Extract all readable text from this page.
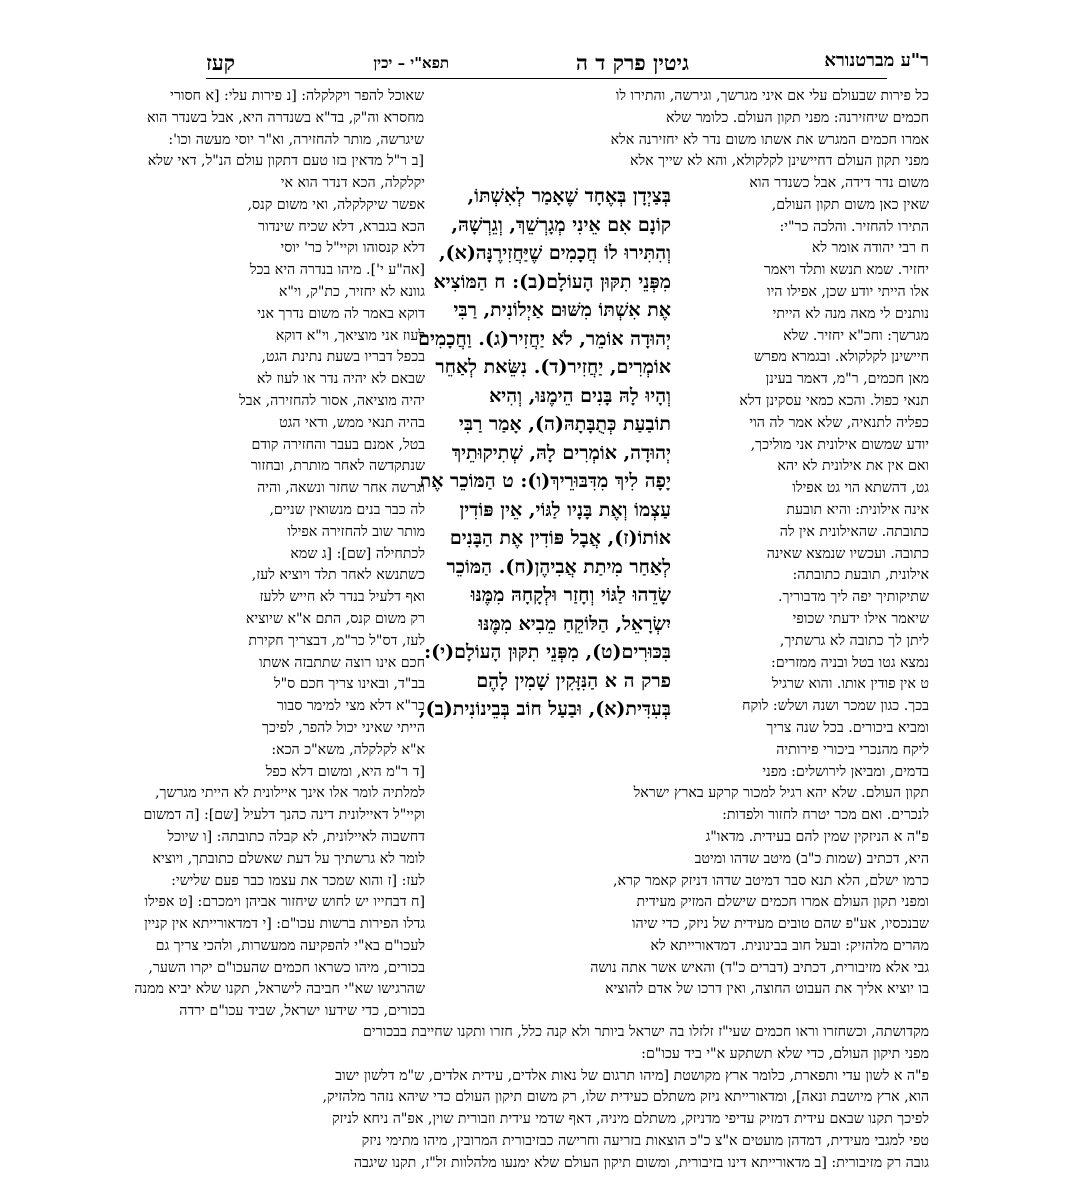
ר"ע מברטנורא
גיטין פרק ד ה
תפא"י – יכין
קעז
כל פירות שבעולם עלי אם איני מגרשך, וגירשה, והתירו לו
חכמים שיחזירנה: מפני תקון העולם. כלומר שלא
אמרו חכמים המגרש את אשתו משום נדר לא יחזירנה אלא
מפני תקון העולם דחיישינן לקלקולא, והא לא שייך אלא
שאוכל להפר ויקלקלה: [נ פירות עלי: [א חסורי
מחסרא וה"ק, בד"א בשנדרה היא, אבל בשנדר הוא
שיגרשה, מותר להחזירה, וא"ר יוסי מעשה וכו':
[ב ר"ל מדאין בזו טעם דתקון עולם הנ"ל, דאי שלא
משום נדר דידה, אבל כשנדר הוא
שאין כאן משום תקון העולם,
התירו להחזיר. והלכה כר"י:
ח רבי יהודה אומר לא
יחזיר. שמא תנשא ותלד ויאמר
אלו הייתי יודע שכן, אפילו היו
נותנים לי מאה מנה לא הייתי
מגרשך: וחכ"א יחזיר. שלא
חיישינן לקלקולא. ובגמרא מפרש
מאן חכמים, ר"מ, דאמר בעינן
תנאי כפול. והכא כמאי עסקינן דלא
כפליה לתנאיה, שלא אמר לה הוי
יודע שמשום אילונית אני מוליכך,
ואם אין את אילונית לא יהא
גט, דהשתא הוי גט אפילו
אינה אילונית: והיא תובעת
כתובתה. שהאילונית אין לה
כתובה. ועכשיו שנמצא שאינה
אילונית, תובעת כתובתה:
שתיקותיך יפה ליך מדבוריך.
שיאמר אילו ידעתי שכופי
ליתן לך כתובה לא גרשתיך,
נמצא גטו בטל ובניה ממזרים:
ט אין פודין אותו. והוא שרגיל
בכך. כגון שמכר ושנה ושלש: לוקח
ומביא ביכורים. בכל שנה צריך
ליקח מהנכרי ביכורי פירותיה
בדמים, ומביאן לירושלים: מפני
תקון העולם. שלא יהא רגיל למכור קרקע בארץ ישראל
לנכרים. ואם מכר יטרח לחזור ולפדות:
פ"ה א הניזקין שמין להם בעידית. מדאו"ג
היא, דכתיב (שמות כ"ב) מיטב שדהו ומיטב
כרמו ישלם, הלא תנא סבר דמיטב שדהו דניזק קאמר קרא,
ומפני תקון העולם אמרו חכמים שישלם המזיק מעידית
שבנכסיו, אע"פ שהם טובים מעידית של ניזק, כדי שיהו
מהרים מלהזיק: ובעל חוב בבינונית. דמדאורייתא לא
גבי אלא מזיבורית, דכתיב (דברים כ"ד) והאיש אשר אתה נושה
בו יוציא אליך את העבוט החוצה, ואין דרכו של אדם להוציא
בְּצַיְדָן בְּאֶחָד שֶׁאָמַר לְאִשְׁתּוֹ,
קוֹנָם אִם אֵינִי מְגָרְשֵׁךְ, וְגֵרְשָׁהּ,
וְהִתִּירוּ לוֹ חֲכָמִים שֶׁיַּחֲזִירֶנָּה(א),
מִפְּנֵי תִקּוּן הָעוֹלָם(ב): ח הַמּוֹצִיא
אֶת אִשְׁתּוֹ מִשּׁוּם אַיְלוֹנִית, רַבִּי
יְהוּדָה אוֹמֵר, לֹא יַחֲזִיר(ג). וַחֲכָמִים
אוֹמְרִים, יַחֲזִיר(ד). נִשֵּׂאת לְאַחֵר
וְהָיוּ לָהּ בָּנִים הֵימֶנּוּ, וְהִיא
תוֹבַעַת כְּתֻבָּתָהּ(ה), אָמַר רַבִּי
יְהוּדָה, אוֹמְרִים לָהּ, שְׁתִיקוּתֵיךְ
יָפָה לִיךְ מִדִּבּוּרֵיךְ(ו): ט הַמּוֹכֵר אֶת
עַצְמוֹ וְאֶת בָּנָיו לַגּוֹי, אֵין פּוֹדִין
אוֹתוֹ(ז), אֲבָל פּוֹדִין אֶת הַבָּנִים
לְאַחַר מִיתַת אֲבִיהֶן(ח). הַמּוֹכֵר
שָׂדֵהוּ לַגּוֹי וְחָזַר וּלְקָחָהּ מִמֶּנּוּ
יִשְׂרָאֵל, הַלּוֹקֵחַ מֵבִיא מִמֶּנּוּ
בִּכּוּרִים(ט), מִפְּנֵי תִקּוּן הָעוֹלָם(י):
פרק ה א הַנִּזָּקִין שָׁמִין לָהֶם
בְּעִדִּית(א), וּבַעַל חוֹב בְּבֵינוֹנִית(ב),
יקלקלה, הכא דנדר הוא אי
אפשר שיקלקלה, ואי משום קנס,
הכא בגברא, דלא שכיח שינדור
דלא קנסוהו וקיי"ל כר' יוסי
[אה"ע י']. מיהו בנדרה היא בכל
גוונא לא יחזיר, כת"ק, וי"א
דוקא באמר לה משום נדרך אני
לעוז אני מוציאך, וי"א דוקא
בכפל דבריו בשעת נתינת הגט,
שבאם לא יהיה נדר או לעוז לא
יהיה מוציאה, אסור להחזירה, אבל
בהיה תנאי ממש, ודאי הגט
בטל, אמנם בעבר והחזירה קודם
שנתקדשה לאחר מותרת, ובחזור
וגרשה אחר שחזר ונשאה, והיה
לה כבר בנים מנשואין שניים,
מותר שוב להחזירה אפילו
לכתחילה [שם]: [ג שמא
כשתנשא לאחר תלד ויוציא לעז,
ואף דלעיל בנדר לא חייש ללעז
רק משום קנס, התם א"א שיוציא
לעז, דס"ל כר"מ, דבצריך חקירת
חכם אינו רוצה שתתבזה אשתו
בב"ד, ובאינו צריך חכם ס"ל
כר"א דלא מצי למימר סבור
הייתי שאיני יכול להפר, לפיכך
א"א לקלקלה, משא"כ הכא:
[ד ר"מ היא, ומשום דלא כפל
למלתיה לומר אלו אינך איילונית לא הייתי מגרשך,
וקיי"ל דאיילונית דינה כהנך דלעיל [שם]: [ה דמשום
דחשבוה לאיילונית, לא קבלה כתובתה: [ו שיוכל
לומר לא גרשתיך על דעת שאשלם כתובתך, ויוציא
לעז: [ז והוא שמכר את עצמו כבר פעם שלישי:
[ח דבחייו יש לחוש שיחזור אביהן וימכרם: [ט אפילו
גדלו הפירות ברשות עכו"ם: [י דמדאורייתא אין קניין
לעכו"ם בא"י להפקיעה ממעשרות, ולהכי צריך גם
בכורים, מיהו כשראו חכמים שהעכו"ם יקרו השער,
שהרגישו שא"י חביבה לישראל, תקנו שלא יביא ממנה
בכורים, כדי שידעו ישראל, שביד עכו"ם ירדה
מקדושתה, וכשחזרו וראו חכמים שעי"ז זלזלו בה ישראל ביותר ולא קנה כלל, חזרו ותקנו שחייבת בבכורים
מפני תיקון העולם, כדי שלא תשתקע א"י ביד עכו"ם:
פ"ה א לשון עדי ותפארת, כלומר ארץ מקושטת [מיהו תרגום של נאות אלדים, עידית אלדים, ש"מ דלשון ישוב
הוא, ארץ מיושבת ונאה], ומדאורייתא ניזק משתלם כעידית שלו, רק משום תיקון העולם כדי שיהא נזהר מלהזיק,
לפיכך תקנו שבאם עידית דמזיק עדיפי מדניזק, משתלם מיניה, דאף שדמי עידית וזבורית שוין, אפ"ה ניחא לניזק
טפי למגבי מעידית, דמדהן מועטים א"צ כ"כ הוצאות בזריעה וחרישה כבזיבורית המרובין, מיהו מתימי ניזק
גובה רק מזיבורית: [ב מדאורייתא דינו בזיבורית, ומשום תיקון העולם שלא ימנעו מלהלוות זל"ז, תקנו שיגבה
